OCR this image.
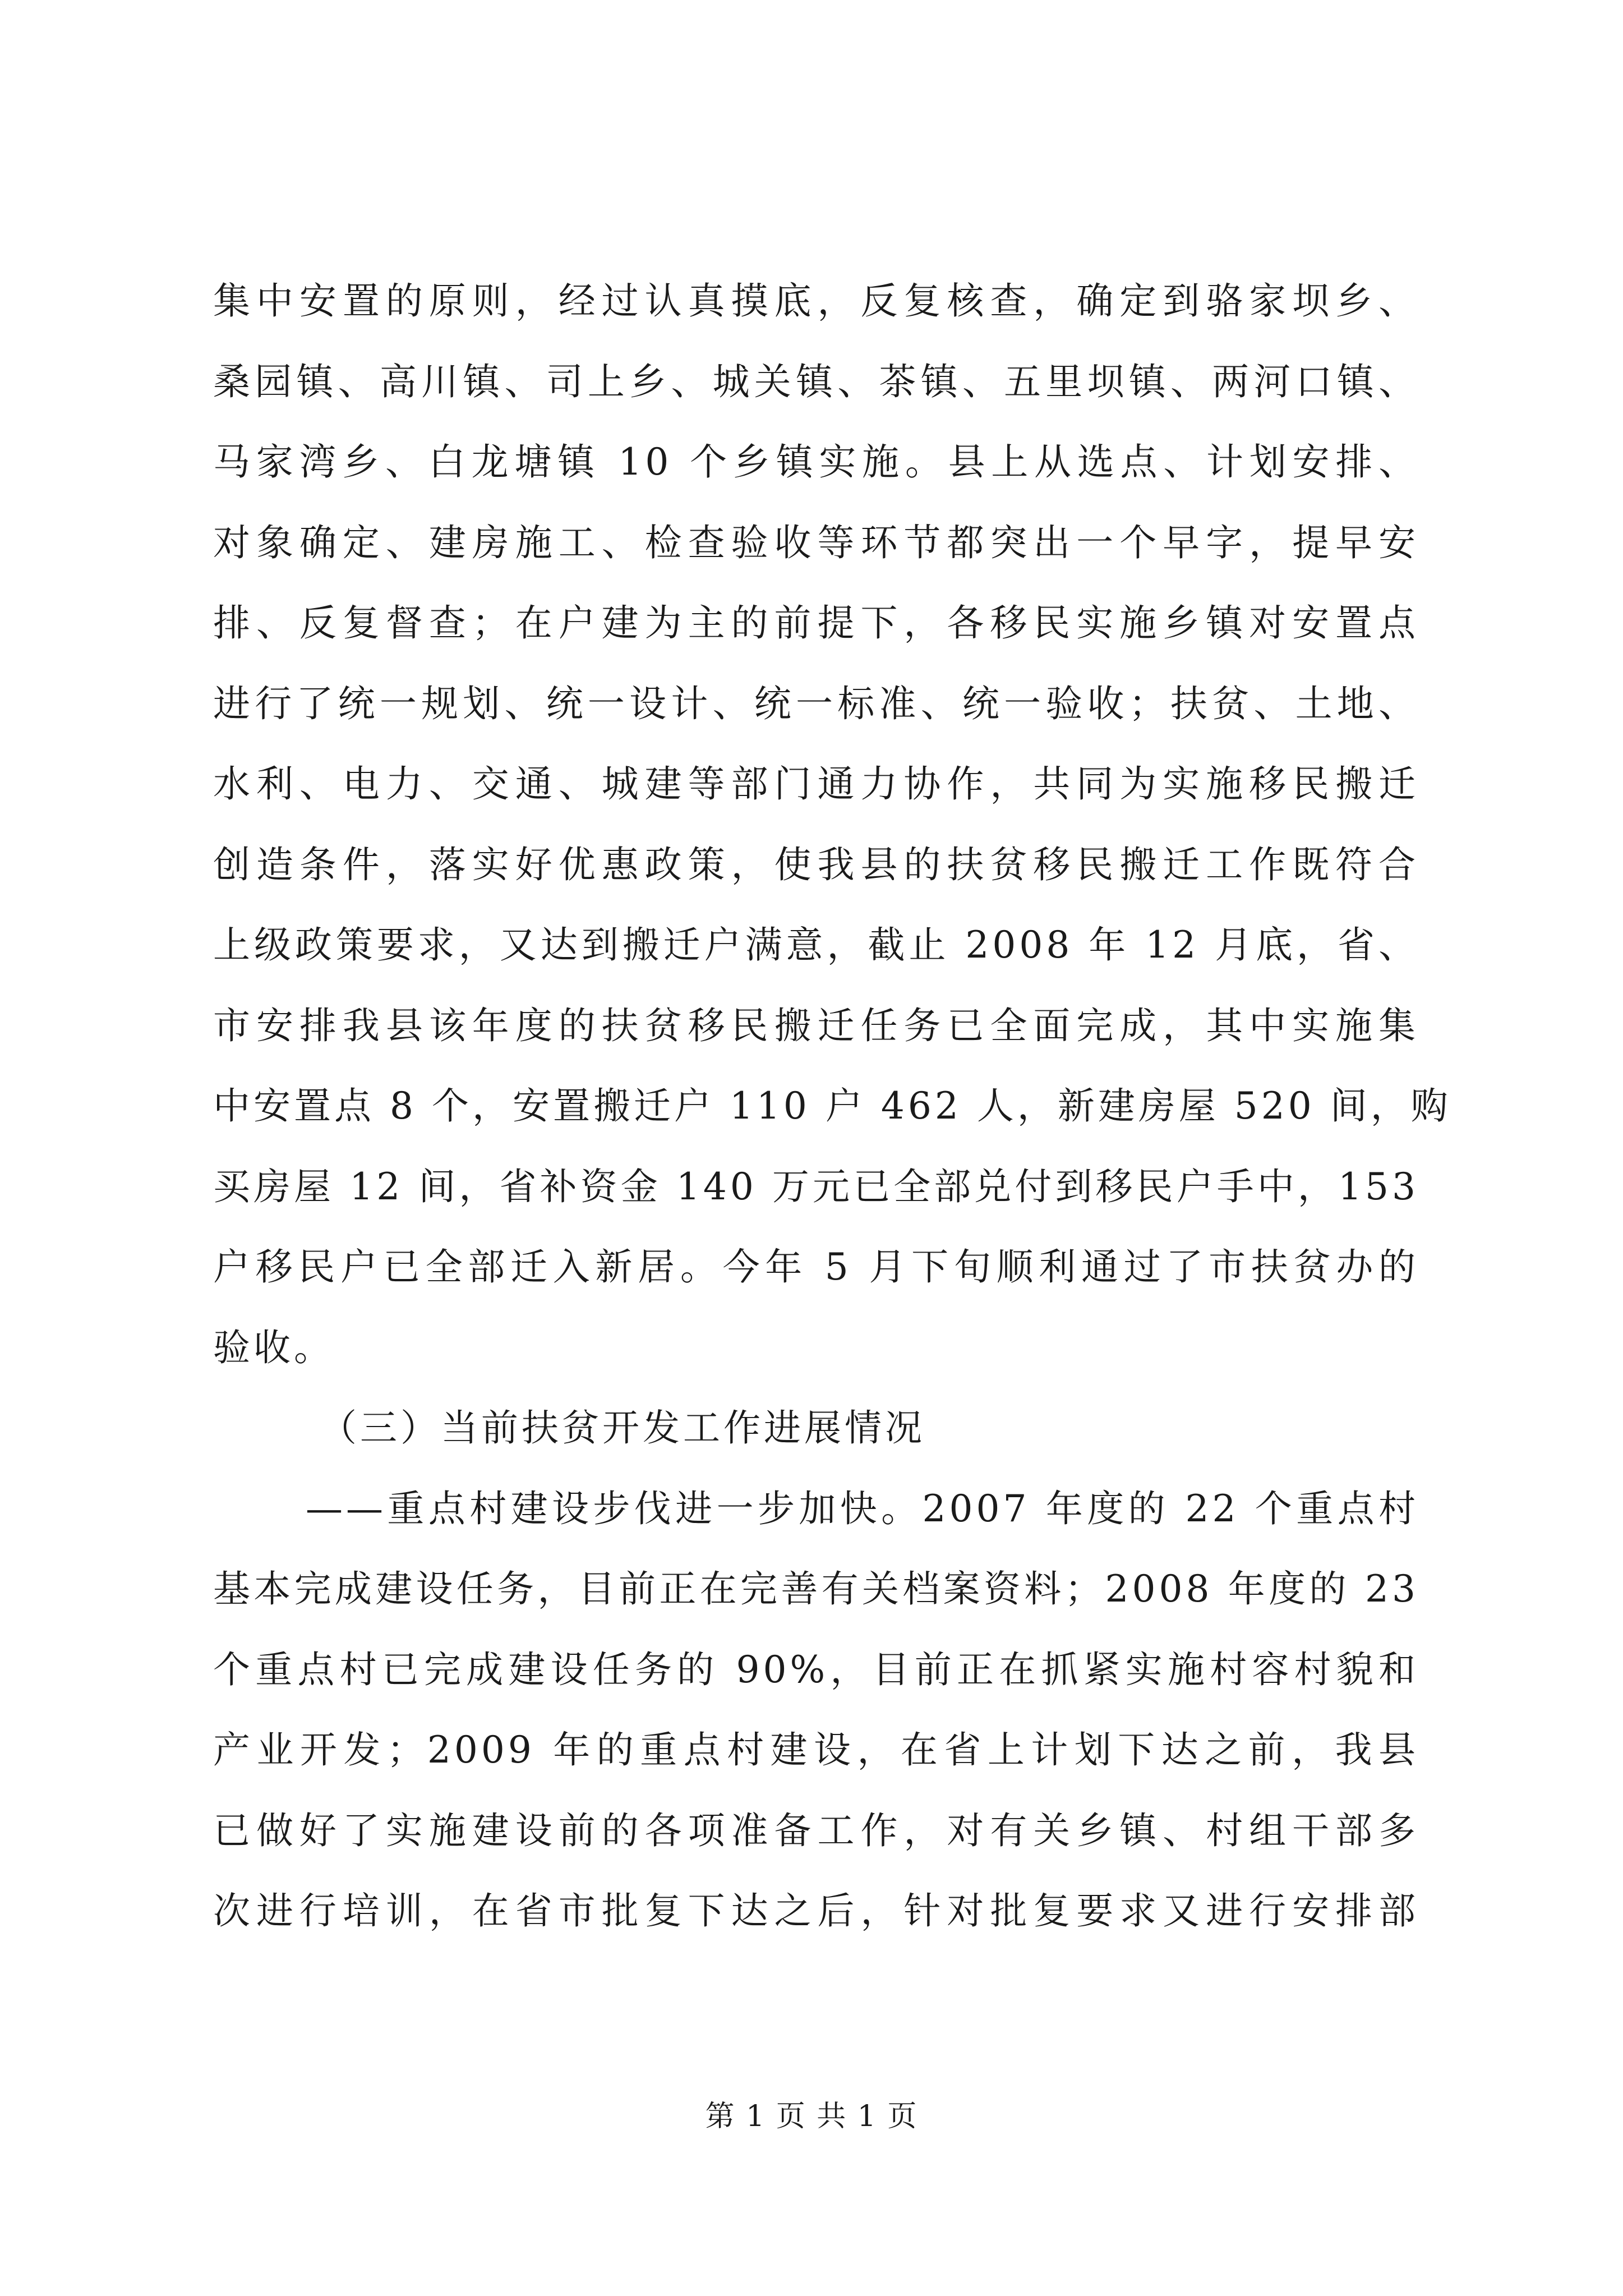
集中安置的原则，经过认真摸底，反复核查，确定到骆家坝乡、
桑园镇、高川镇、司上乡、城关镇、茶镇、五里坝镇、两河口镇、
马家湾乡、白龙塘镇 10 个乡镇实施。县上从选点、计划安排、
对象确定、建房施工、检查验收等环节都突出一个早字，提早安
排、反复督查；在户建为主的前提下，各移民实施乡镇对安置点
进行了统一规划、统一设计、统一标准、统一验收；扶贫、土地、
水利、电力、交通、城建等部门通力协作，共同为实施移民搬迁
创造条件，落实好优惠政策，使我县的扶贫移民搬迁工作既符合
上级政策要求，又达到搬迁户满意，截止 2008 年 12 月底，省、
市安排我县该年度的扶贫移民搬迁任务已全面完成，其中实施集
中安置点 8 个，安置搬迁户 110 户 462 人，新建房屋 520 间，购
买房屋 12 间，省补资金 140 万元已全部兑付到移民户手中，153
户移民户已全部迁入新居。今年 5 月下旬顺利通过了市扶贫办的
验收。
（三）当前扶贫开发工作进展情况
——重点村建设步伐进一步加快。2007 年度的 22 个重点村
基本完成建设任务，目前正在完善有关档案资料；2008 年度的 23
个重点村已完成建设任务的 90%，目前正在抓紧实施村容村貌和
产业开发；2009 年的重点村建设，在省上计划下达之前，我县
已做好了实施建设前的各项准备工作，对有关乡镇、村组干部多
次进行培训，在省市批复下达之后，针对批复要求又进行安排部
第 1 页 共 1 页
